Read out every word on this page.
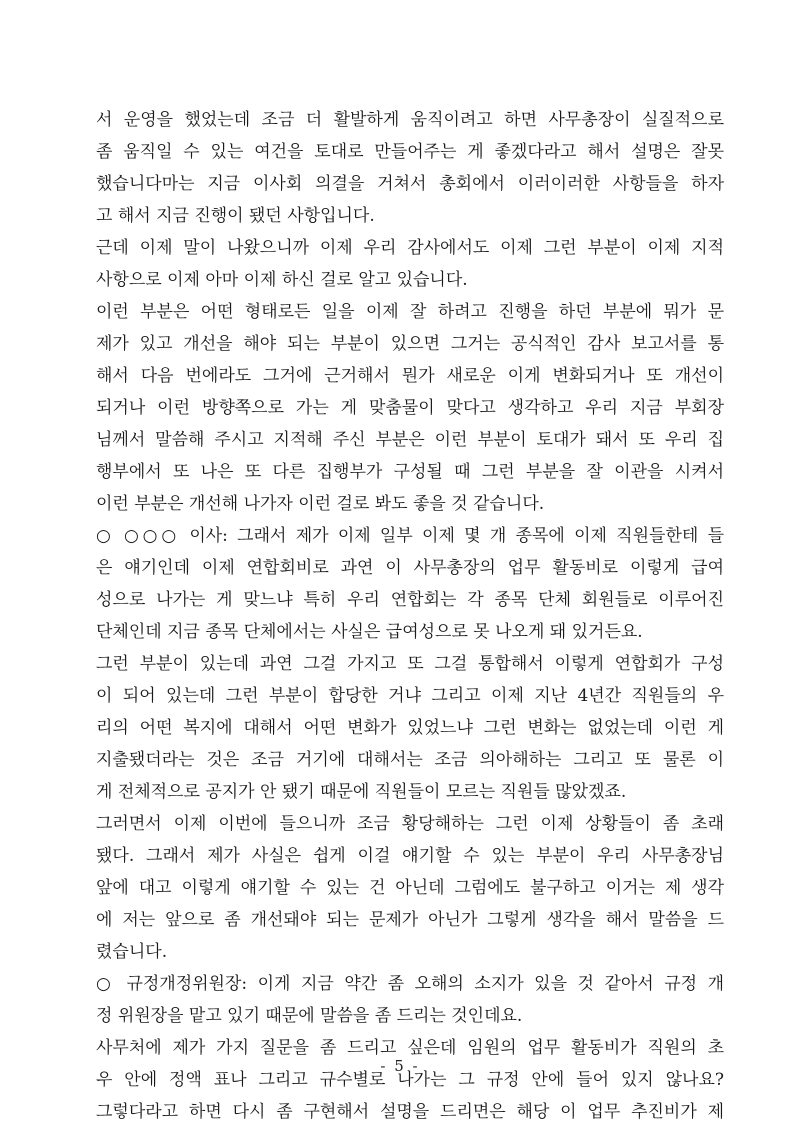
서 운영을 했었는데 조금 더 활발하게 움직이려고 하면 사무총장이 실질적으로
좀 움직일 수 있는 여건을 토대로 만들어주는 게 좋겠다라고 해서 설명은 잘못
했습니다마는 지금 이사회 의결을 거쳐서 총회에서 이러이러한 사항들을 하자
고 해서 지금 진행이 됐던 사항입니다.
근데 이제 말이 나왔으니까 이제 우리 감사에서도 이제 그런 부분이 이제 지적
사항으로 이제 아마 이제 하신 걸로 알고 있습니다.
이런 부분은 어떤 형태로든 일을 이제 잘 하려고 진행을 하던 부분에 뭐가 문
제가 있고 개선을 해야 되는 부분이 있으면 그거는 공식적인 감사 보고서를 통
해서 다음 번에라도 그거에 근거해서 뭔가 새로운 이게 변화되거나 또 개선이
되거나 이런 방향쪽으로 가는 게 맞춤물이 맞다고 생각하고 우리 지금 부회장
님께서 말씀해 주시고 지적해 주신 부분은 이런 부분이 토대가 돼서 또 우리 집
행부에서 또 나은 또 다른 집행부가 구성될 때 그런 부분을 잘 이관을 시켜서
이런 부분은 개선해 나가자 이런 걸로 봐도 좋을 것 같습니다.
○ ○○○ 이사: 그래서 제가 이제 일부 이제 몇 개 종목에 이제 직원들한테 들
은 얘기인데 이제 연합회비로 과연 이 사무총장의 업무 활동비로 이렇게 급여
성으로 나가는 게 맞느냐 특히 우리 연합회는 각 종목 단체 회원들로 이루어진
단체인데 지금 종목 단체에서는 사실은 급여성으로 못 나오게 돼 있거든요.
그런 부분이 있는데 과연 그걸 가지고 또 그걸 통합해서 이렇게 연합회가 구성
이 되어 있는데 그런 부분이 합당한 거냐 그리고 이제 지난 4년간 직원들의 우
리의 어떤 복지에 대해서 어떤 변화가 있었느냐 그런 변화는 없었는데 이런 게
지출됐더라는 것은 조금 거기에 대해서는 조금 의아해하는 그리고 또 물론 이
게 전체적으로 공지가 안 됐기 때문에 직원들이 모르는 직원들 많았겠죠.
그러면서 이제 이번에 들으니까 조금 황당해하는 그런 이제 상황들이 좀 초래
됐다. 그래서 제가 사실은 쉽게 이걸 얘기할 수 있는 부분이 우리 사무총장님
앞에 대고 이렇게 얘기할 수 있는 건 아닌데 그럼에도 불구하고 이거는 제 생각
에 저는 앞으로 좀 개선돼야 되는 문제가 아닌가 그렇게 생각을 해서 말씀을 드
렸습니다.
○ 규정개정위원장: 이게 지금 약간 좀 오해의 소지가 있을 것 같아서 규정 개
정 위원장을 맡고 있기 때문에 말씀을 좀 드리는 것인데요.
사무처에 제가 가지 질문을 좀 드리고 싶은데 임원의 업무 활동비가 직원의 초
우 안에 정액 표나 그리고 규수별로 나가는 그 규정 안에 들어 있지 않나요?
그렇다라고 하면 다시 좀 구현해서 설명을 드리면은 해당 이 업무 추진비가 제
- 5 -
